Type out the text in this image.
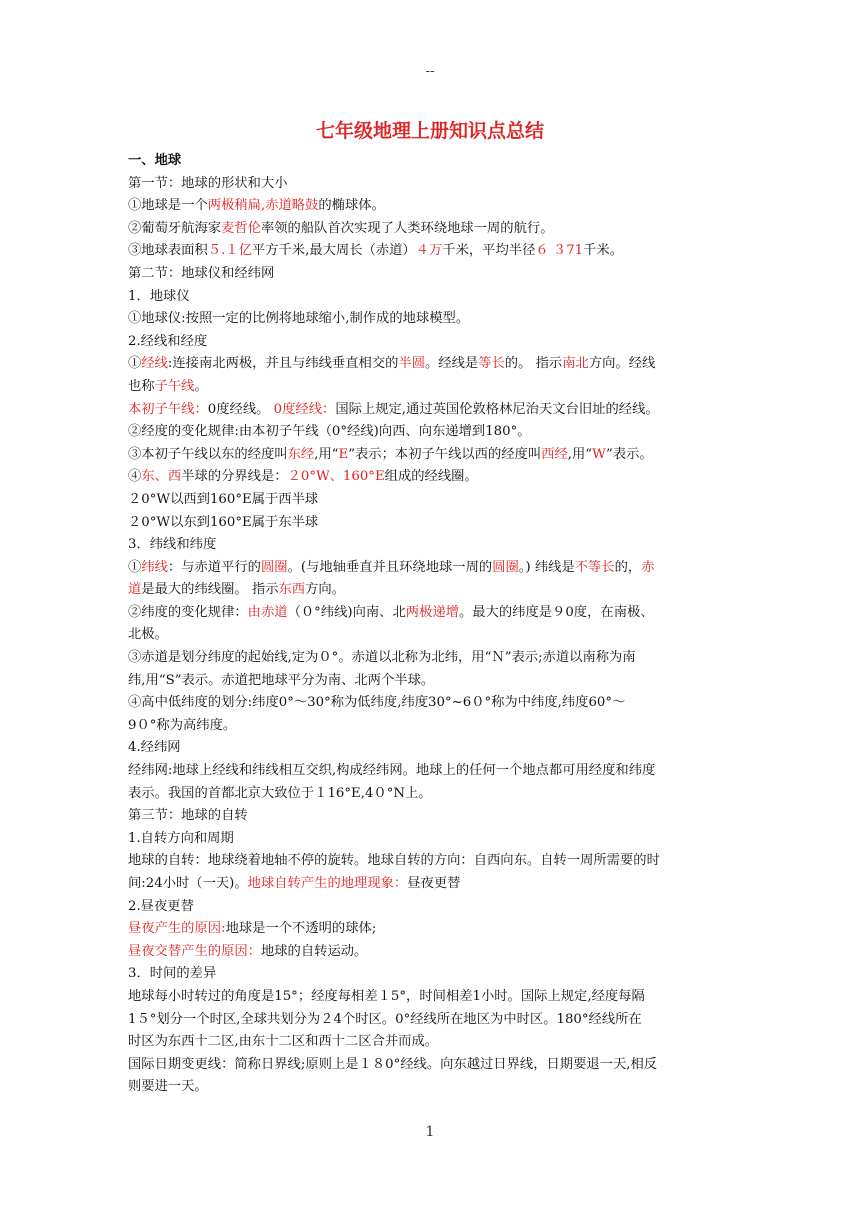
--
七年级地理上册知识点总结

一、地球

第一节：地球的形状和大小

①地球是一个两极稍扁,赤道略鼓的椭球体。

②葡萄牙航海家麦哲伦率领的船队首次实现了人类环绕地球一周的航行。

③地球表面积５.１亿平方千米,最大周长（赤道）４万千米，平均半径６ ３71千米。

第二节：地球仪和经纬网

1．地球仪

①地球仪:按照一定的比例将地球缩小,制作成的地球模型。

2.经线和经度

①经线:连接南北两极，并且与纬线垂直相交的半圆。经线是等长的。 指示南北方向。经线

也称子午线。

本初子午线：0度经线。 0度经线：国际上规定,通过英国伦敦格林尼治天文台旧址的经线。

②经度的变化规律:由本初子午线（0°经线)向西、向东递增到180°。

③本初子午线以东的经度叫东经,用“E”表示；本初子午线以西的经度叫西经,用“W”表示。

④东、西半球的分界线是：２0°W、160°E组成的经线圈。

２0°W以西到160°E属于西半球

２0°W以东到160°E属于东半球

3．纬线和纬度

①纬线：与赤道平行的圆圈。(与地轴垂直并且环绕地球一周的圆圈。) 纬线是不等长的，赤

道是最大的纬线圈。 指示东西方向。

②纬度的变化规律：由赤道（０°纬线)向南、北两极递增。最大的纬度是９0度，在南极、

北极。

③赤道是划分纬度的起始线,定为０°。赤道以北称为北纬，用“Ｎ”表示;赤道以南称为南

纬,用“S”表示。赤道把地球平分为南、北两个半球。

④高中低纬度的划分:纬度0°～30°称为低纬度,纬度30°~6０°称为中纬度,纬度60°～

9０°称为高纬度。

4.经纬网

经纬网:地球上经线和纬线相互交织,构成经纬网。地球上的任何一个地点都可用经度和纬度

表示。我国的首都北京大致位于１16°E,4０°N上。

第三节：地球的自转

1.自转方向和周期

地球的自转：地球绕着地轴不停的旋转。地球自转的方向：自西向东。自转一周所需要的时

间:24小时（一天)。地球自转产生的地理现象：昼夜更替

2.昼夜更替

昼夜产生的原因:地球是一个不透明的球体;

昼夜交替产生的原因：地球的自转运动。

3．时间的差异

地球每小时转过的角度是15°；经度每相差１5°，时间相差1小时。国际上规定,经度每隔

1５°划分一个时区,全球共划分为２4个时区。0°经线所在地区为中时区。180°经线所在

时区为东西十二区,由东十二区和西十二区合并而成。

国际日期变更线：简称日界线;原则上是１８0°经线。向东越过日界线，日期要退一天,相反

则要进一天。

1
